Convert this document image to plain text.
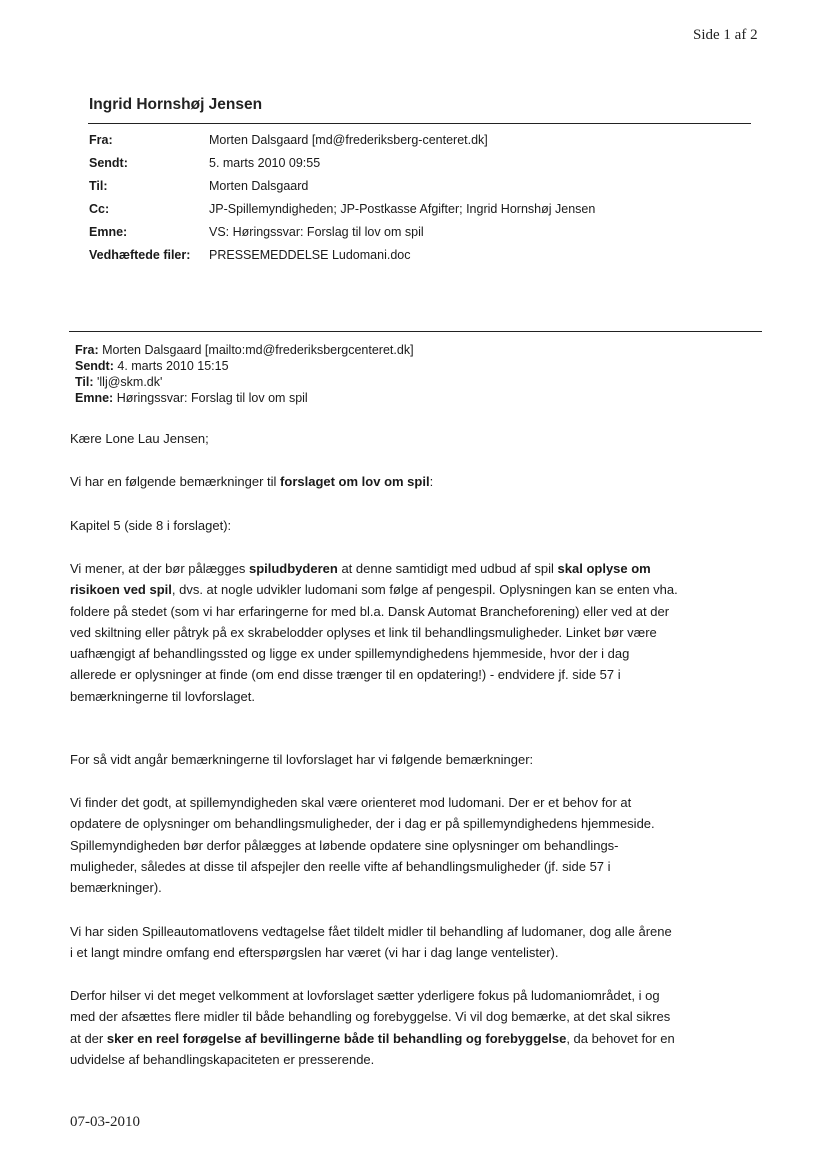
Side 1 af 2
Ingrid Hornshøj Jensen
Fra:	Morten Dalsgaard [md@frederiksberg-centeret.dk]
Sendt:	5. marts 2010 09:55
Til:	Morten Dalsgaard
Cc:	JP-Spillemyndigheden; JP-Postkasse Afgifter; Ingrid Hornshøj Jensen
Emne:	VS: Høringssvar: Forslag til lov om spil
Vedhæftede filer: PRESSEMEDDELSE Ludomani.doc
Fra: Morten Dalsgaard [mailto:md@frederiksbergcenteret.dk]
Sendt: 4. marts 2010 15:15
Til: 'llj@skm.dk'
Emne: Høringssvar: Forslag til lov om spil

Kære Lone Lau Jensen;

Vi har en følgende bemærkninger til forslaget om lov om spil:

Kapitel 5 (side 8 i forslaget):

Vi mener, at der bør pålægges spiludbyderen at denne samtidigt med udbud af spil skal oplyse om
risikoen ved spil, dvs. at nogle udvikler ludomani som følge af pengespil. Oplysningen kan se enten vha.
foldere på stedet (som vi har erfaringerne for med bl.a. Dansk Automat Brancheforening) eller ved at der
ved skiltning eller påtryk på ex skrabelodder oplyses et link til behandlingsmuligheder. Linket bør være
uafhængigt af behandlingssted og ligge ex under spillemyndighedens hjemmeside, hvor der i dag
allerede er oplysninger at finde (om end disse trænger til en opdatering!) - endvidere jf. side 57 i
bemærkningerne til lovforslaget.

For så vidt angår bemærkningerne til lovforslaget har vi følgende bemærkninger:

Vi finder det godt, at spillemyndigheden skal være orienteret mod ludomani. Der er et behov for at
opdatere de oplysninger om behandlingsmuligheder, der i dag er på spillemyndighedens hjemmeside.
Spillemyndigheden bør derfor pålægges at løbende opdatere sine oplysninger om behandlings-
muligheder, således at disse til afspejler den reelle vifte af behandlingsmuligheder (jf. side 57 i
bemærkninger).

Vi har siden Spilleautomatlovens vedtagelse fået tildelt midler til behandling af ludomaner, dog alle årene
i et langt mindre omfang end efterspørgslen har været (vi har i dag lange ventelister).

Derfor hilser vi det meget velkomment at lovforslaget sætter yderligere fokus på ludomaniområdet, i og
med der afsættes flere midler til både behandling og forebyggelse. Vi vil dog bemærke, at det skal sikres
at der sker en reel forøgelse af bevillingerne både til behandling og forebyggelse, da behovet for en
udvidelse af behandlingskapaciteten er presserende.

07-03-2010
